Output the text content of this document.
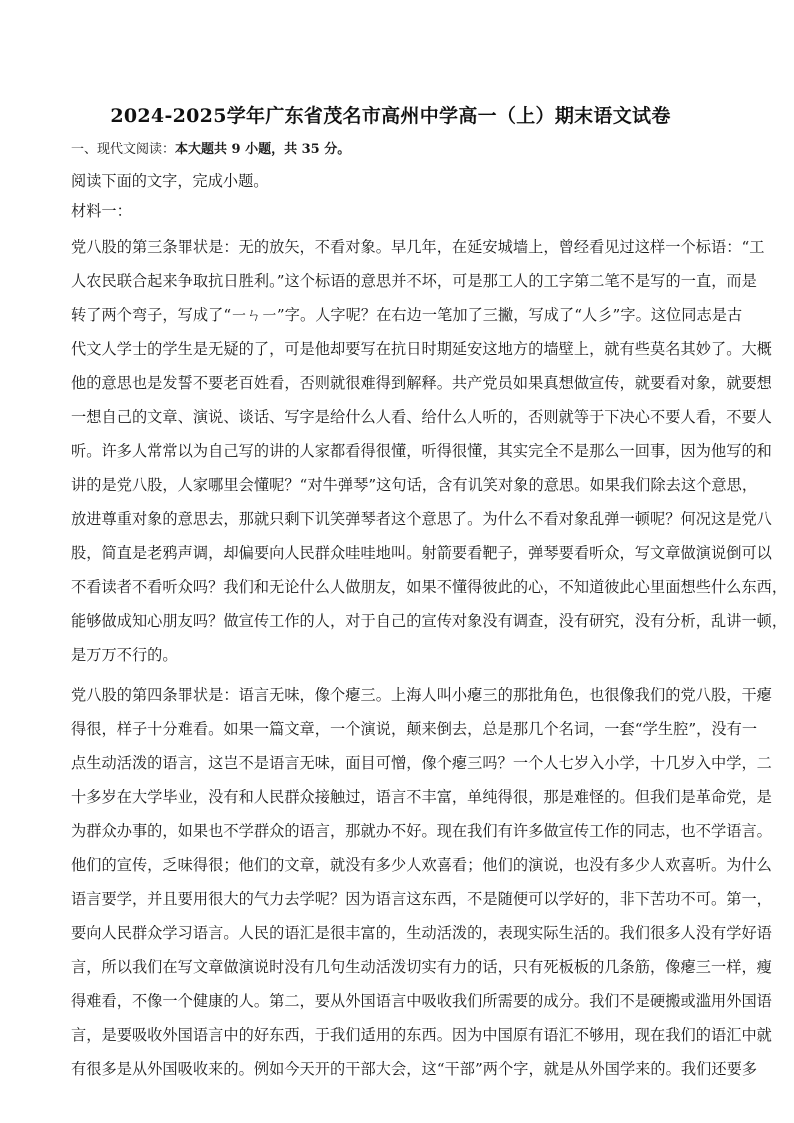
2024-2025学年广东省茂名市高州中学高一（上）期末语文试卷
一、现代文阅读：本大题共 9 小题，共 35 分。
阅读下面的文字，完成小题。
材料一：
党八股的第三条罪状是：无的放矢，不看对象。早几年，在延安城墙上，曾经看见过这样一个标语：“工
人农民联合起来争取抗日胜利。”这个标语的意思并不坏，可是那工人的工字第二笔不是写的一直，而是
转了两个弯子，写成了“㇐ㄣ㇐”字。人字呢？在右边一笔加了三撇，写成了“人彡”字。这位同志是古
代文人学士的学生是无疑的了，可是他却要写在抗日时期延安这地方的墙壁上，就有些莫名其妙了。大概
他的意思也是发誓不要老百姓看，否则就很难得到解释。共产党员如果真想做宣传，就要看对象，就要想
一想自己的文章、演说、谈话、写字是给什么人看、给什么人听的，否则就等于下决心不要人看，不要人
听。许多人常常以为自己写的讲的人家都看得很懂，听得很懂，其实完全不是那么一回事，因为他写的和
讲的是党八股，人家哪里会懂呢？“对牛弹琴”这句话，含有讥笑对象的意思。如果我们除去这个意思，
放进尊重对象的意思去，那就只剩下讥笑弹琴者这个意思了。为什么不看对象乱弹一顿呢？何况这是党八
股，简直是老鸦声调，却偏要向人民群众哇哇地叫。射箭要看靶子，弹琴要看听众，写文章做演说倒可以
不看读者不看听众吗？我们和无论什么人做朋友，如果不懂得彼此的心，不知道彼此心里面想些什么东西，
能够做成知心朋友吗？做宣传工作的人，对于自己的宣传对象没有调查，没有研究，没有分析，乱讲一顿，
是万万不行的。
党八股的第四条罪状是：语言无味，像个瘪三。上海人叫小瘪三的那批角色，也很像我们的党八股，干瘪
得很，样子十分难看。如果一篇文章，一个演说，颠来倒去，总是那几个名词，一套“学生腔”，没有一
点生动活泼的语言，这岂不是语言无味，面目可憎，像个瘪三吗？一个人七岁入小学，十几岁入中学，二
十多岁在大学毕业，没有和人民群众接触过，语言不丰富，单纯得很，那是难怪的。但我们是革命党，是
为群众办事的，如果也不学群众的语言，那就办不好。现在我们有许多做宣传工作的同志，也不学语言。
他们的宣传，乏味得很；他们的文章，就没有多少人欢喜看；他们的演说，也没有多少人欢喜听。为什么
语言要学，并且要用很大的气力去学呢？因为语言这东西，不是随便可以学好的，非下苦功不可。第一，
要向人民群众学习语言。人民的语汇是很丰富的，生动活泼的，表现实际生活的。我们很多人没有学好语
言，所以我们在写文章做演说时没有几句生动活泼切实有力的话，只有死板板的几条筋，像瘪三一样，瘦
得难看，不像一个健康的人。第二，要从外国语言中吸收我们所需要的成分。我们不是硬搬或滥用外国语
言，是要吸收外国语言中的好东西，于我们适用的东西。因为中国原有语汇不够用，现在我们的语汇中就
有很多是从外国吸收来的。例如今天开的干部大会，这“干部”两个字，就是从外国学来的。我们还要多
